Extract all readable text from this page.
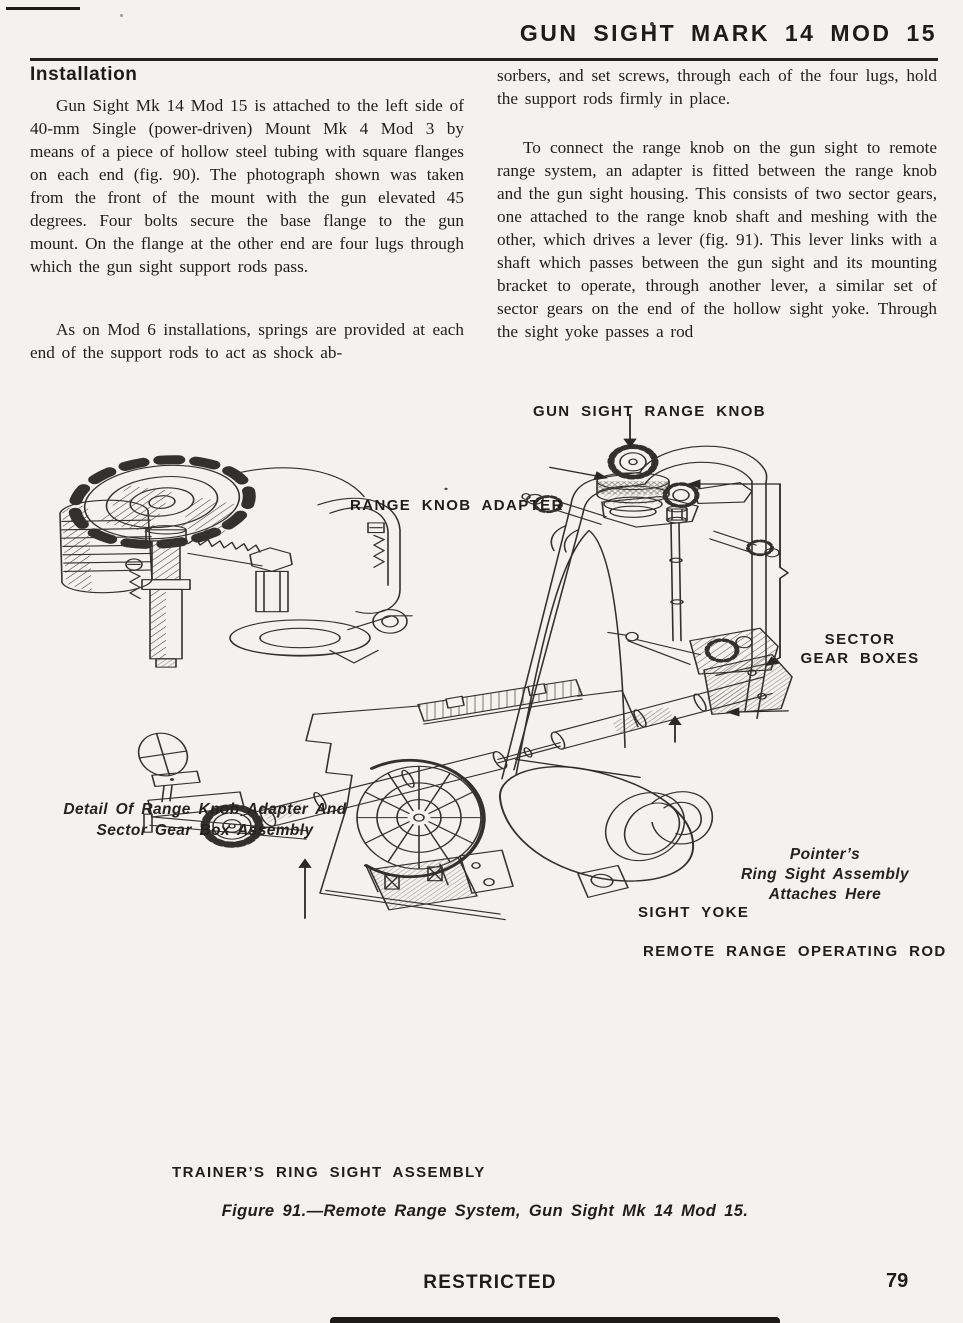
GUN SIGHT MARK 14 MOD 15
Installation

Gun Sight Mk 14 Mod 15 is attached to the left side of 40-mm Single (power-driven) Mount Mk 4 Mod 3 by means of a piece of hollow steel tubing with square flanges on each end (fig. 90). The photograph shown was taken from the front of the mount with the gun elevated 45 degrees. Four bolts secure the base flange to the gun mount. On the flange at the other end are four lugs through which the gun sight support rods pass.

As on Mod 6 installations, springs are provided at each end of the support rods to act as shock ab-

sorbers, and set screws, through each of the four lugs, hold the support rods firmly in place.

To connect the range knob on the gun sight to remote range system, an adapter is fitted between the range knob and the gun sight housing. This consists of two sector gears, one attached to the range knob shaft and meshing with the other, which drives a lever (fig. 91). This lever links with a shaft which passes between the gun sight and its mounting bracket to operate, through another lever, a similar set of sector gears on the end of the hollow sight yoke. Through the sight yoke passes a rod

GUN SIGHT RANGE KNOB
RANGE KNOB ADAPTER
SECTOR
GEAR BOXES
Detail Of Range Knob Adapter And
Sector Gear Box Assembly
Pointer’s
Ring Sight Assembly
Attaches Here
SIGHT YOKE
REMOTE RANGE OPERATING ROD
TRAINER’S RING SIGHT ASSEMBLY
Figure 91.—Remote Range System, Gun Sight Mk 14 Mod 15.
RESTRICTED	79
